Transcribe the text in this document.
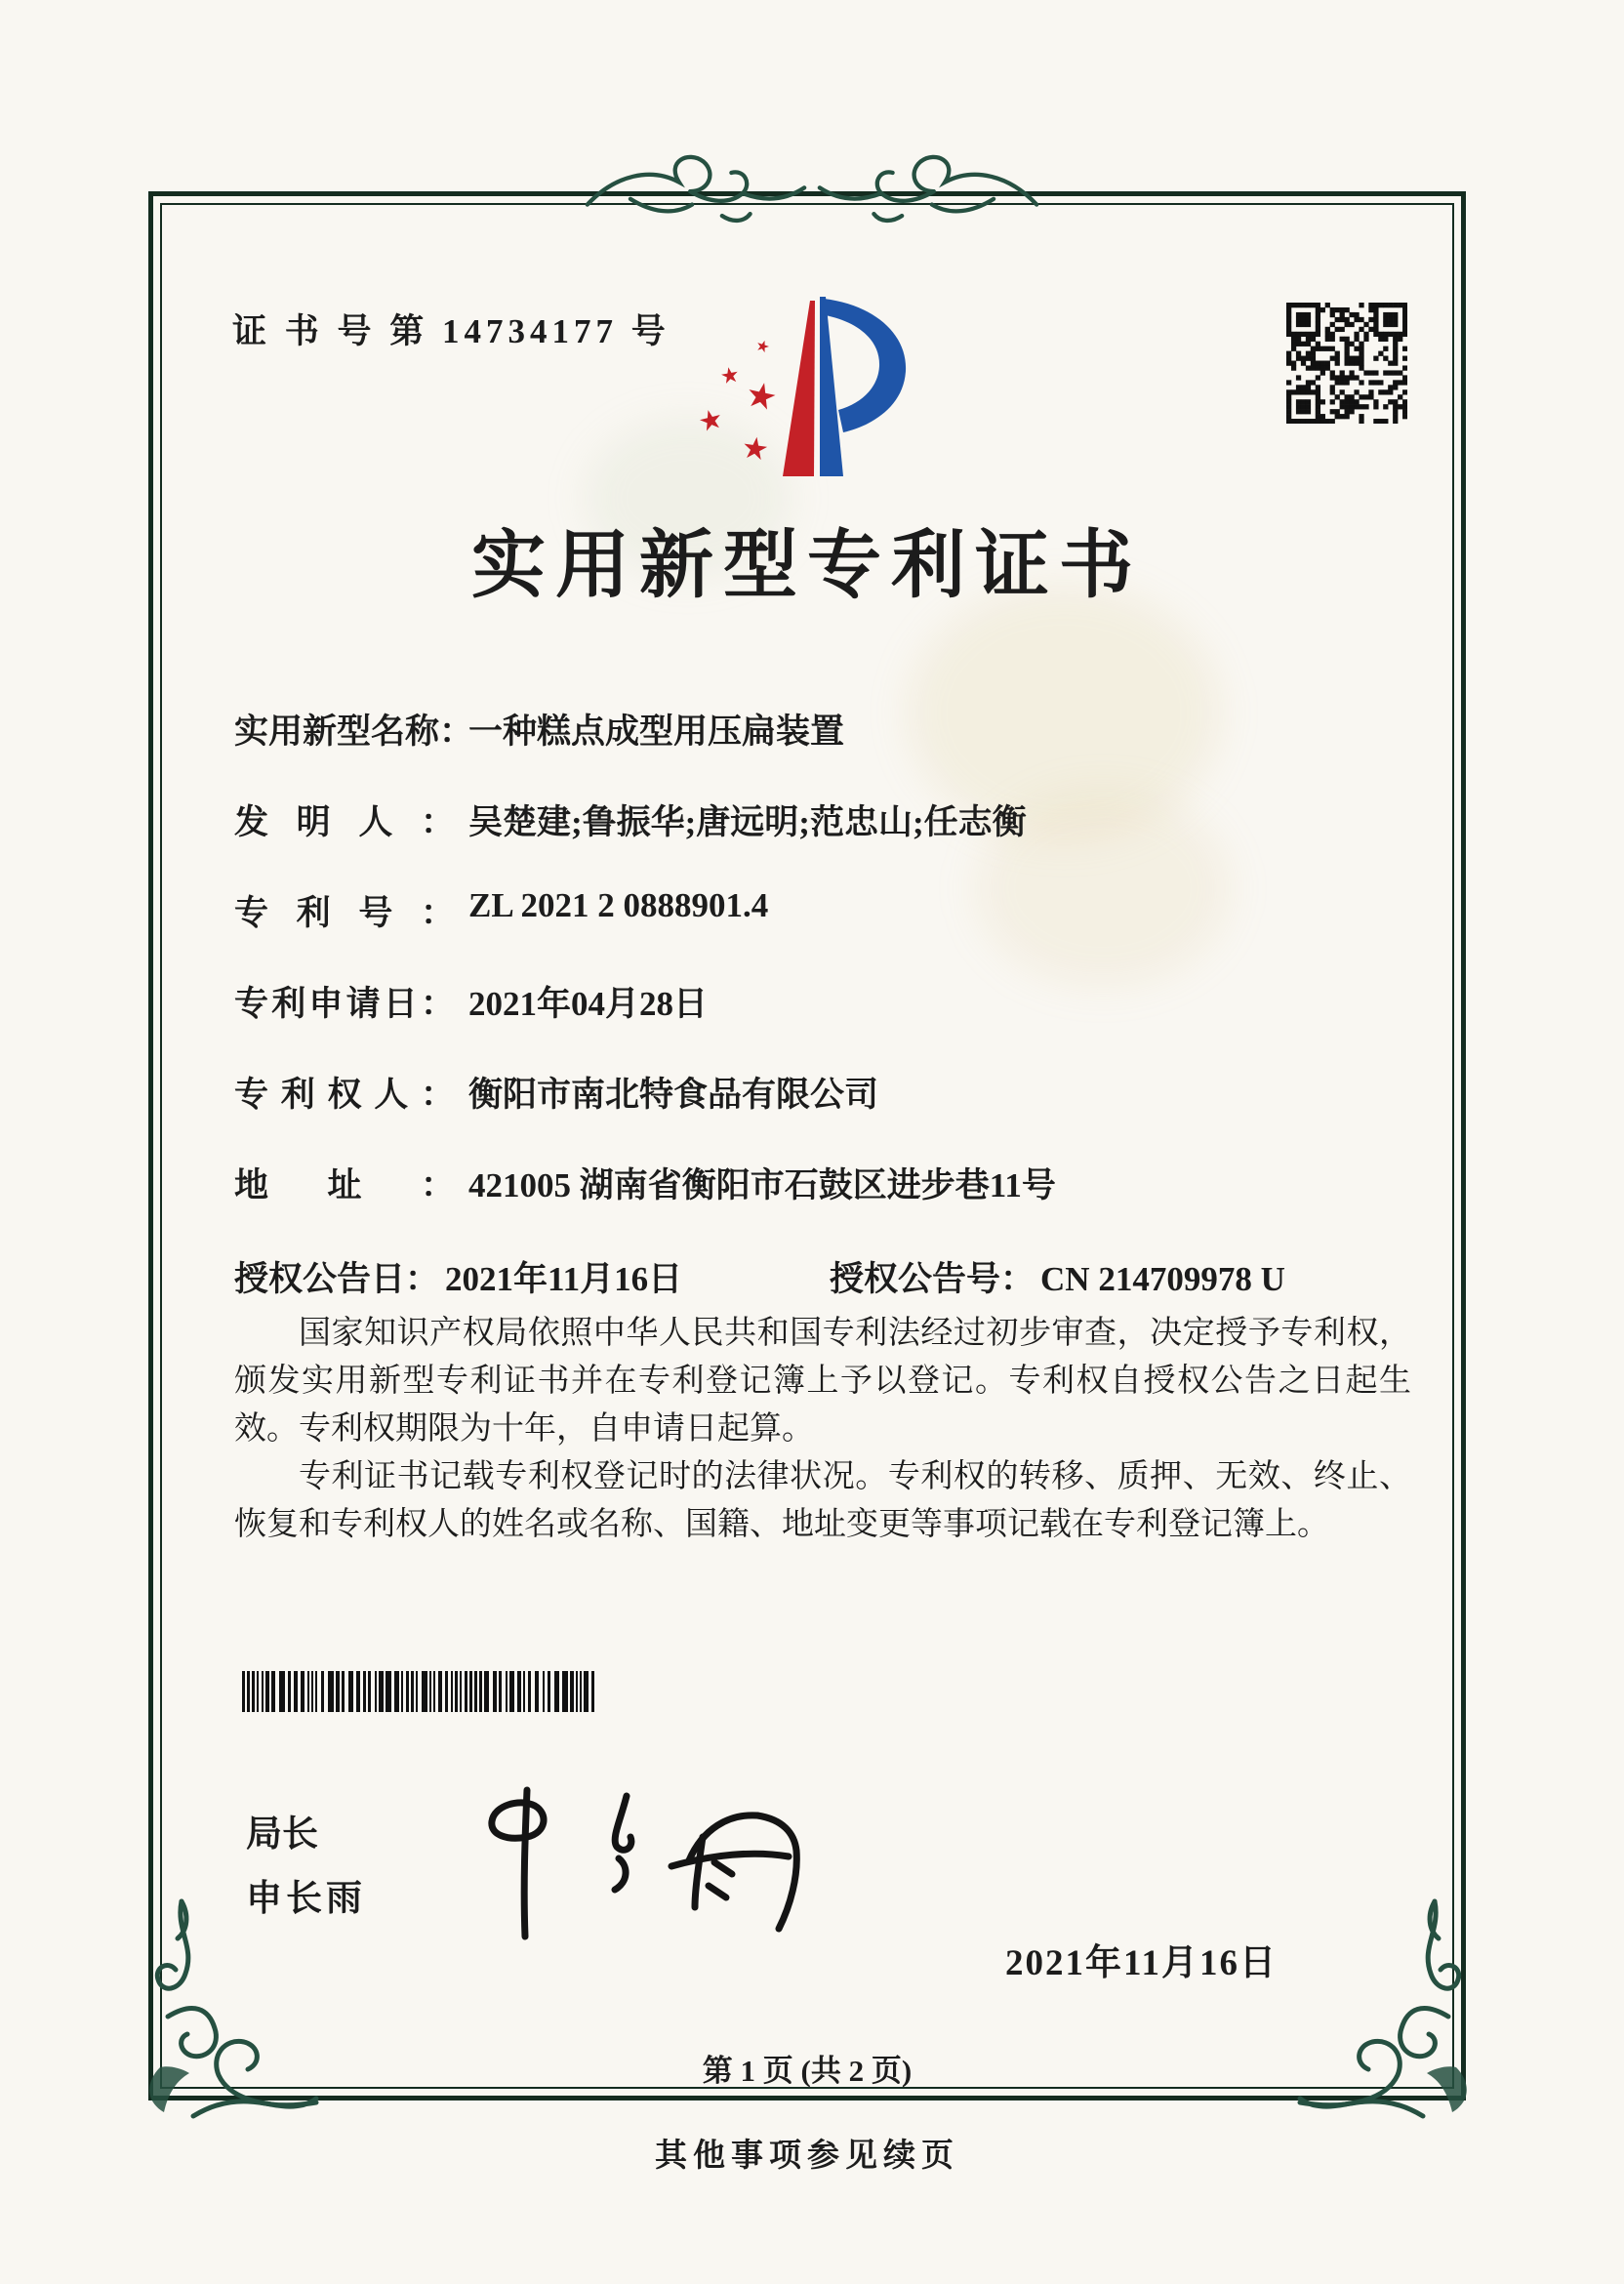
证 书 号 第 14734177 号	★
★ ★
★
★
实用新型专利证书
实用新型名称：一种糕点成型用压扁装置
发明人： 吴楚建;鲁振华;唐远明;范忠山;任志衡
专利号： ZL 2021 2 0888901.4
专利申请日： 2021年04月28日
专利权人： 衡阳市南北特食品有限公司
地址： 421005 湖南省衡阳市石鼓区进步巷11号
授权公告日： 2021年11月16日	授权公告号： CN 214709978 U

国家知识产权局依照中华人民共和国专利法经过初步审查，决定授予专利权，颁发实用新型专利证书并在专利登记簿上予以登记。专利权自授权公告之日起生效。专利权期限为十年，自申请日起算。

专利证书记载专利权登记时的法律状况。专利权的转移、质押、无效、终止、恢复和专利权人的姓名或名称、国籍、地址变更等事项记载在专利登记簿上。

局长
申长雨
2021年11月16日
第 1 页 (共 2 页)
其他事项参见续页
